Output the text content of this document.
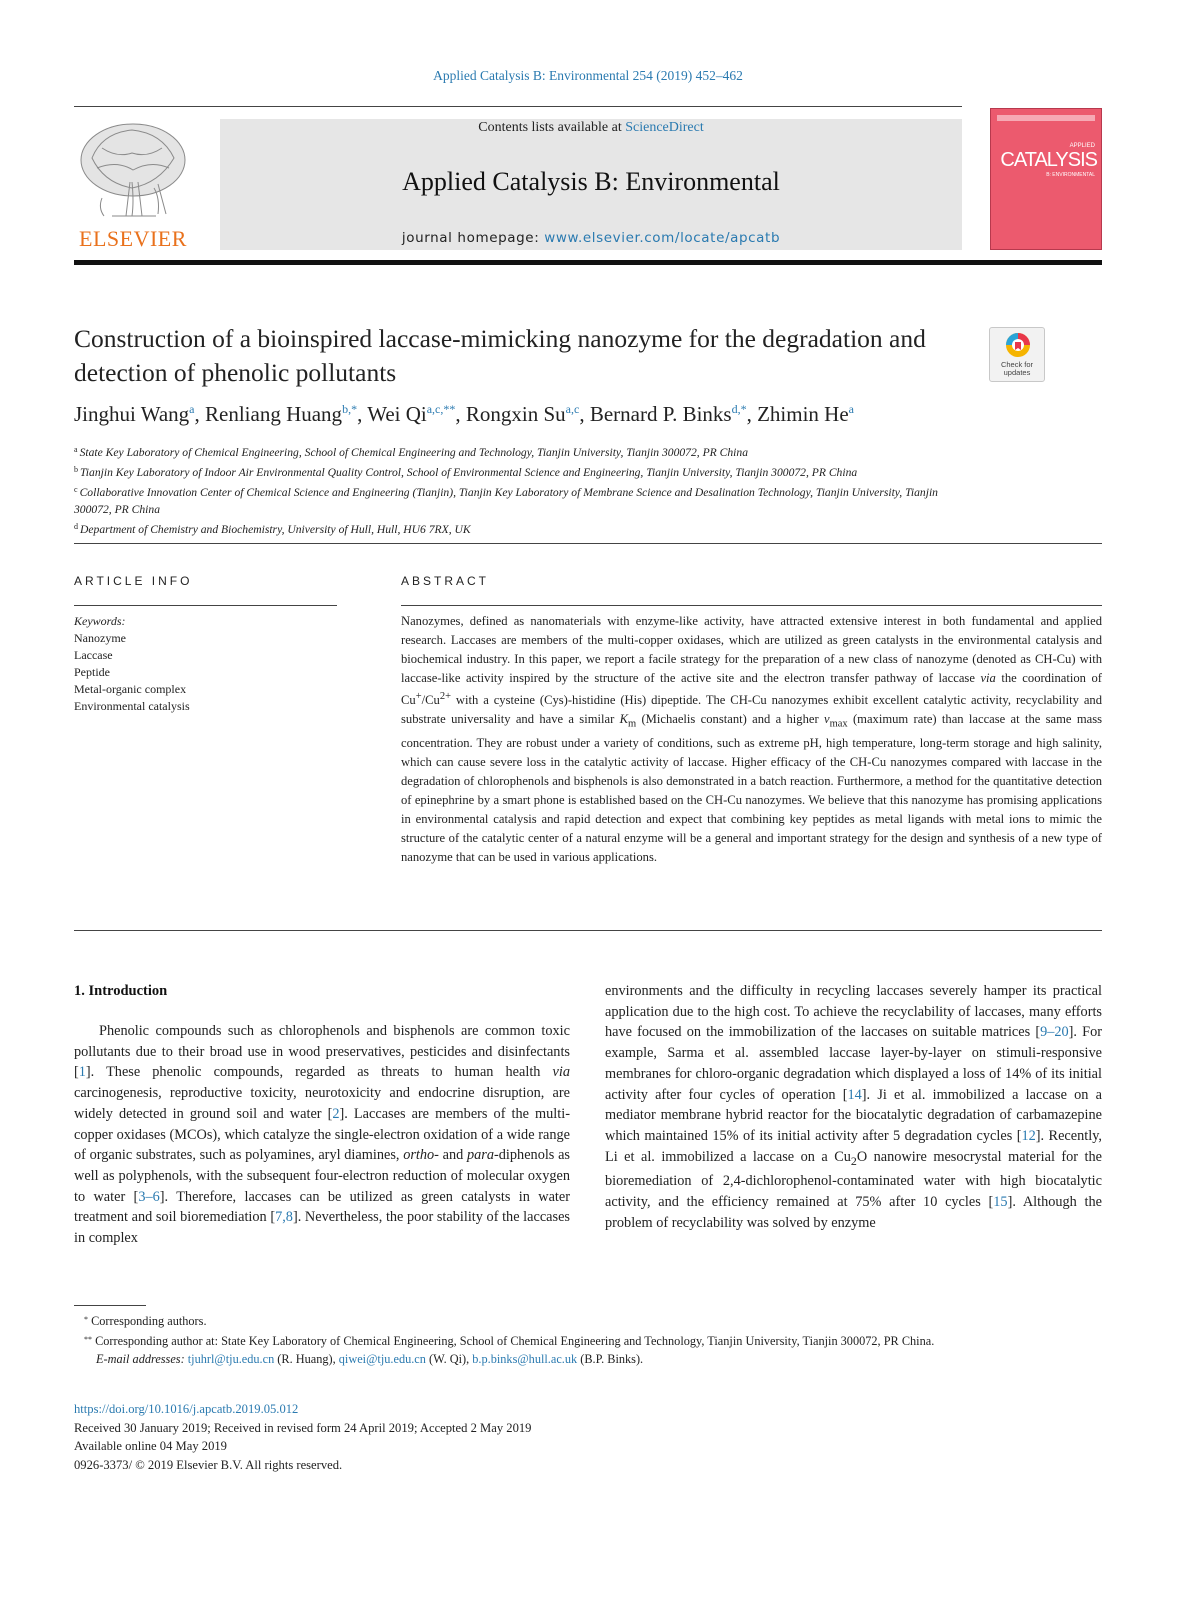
Applied Catalysis B: Environmental 254 (2019) 452–462
ELSEVIER
Contents lists available at ScienceDirect
Applied Catalysis B: Environmental
journal homepage: www.elsevier.com/locate/apcatb
APPLIED
CATALYSIS
B: ENVIRONMENTAL
Construction of a bioinspired laccase-mimicking nanozyme for the degradation and detection of phenolic pollutants	Check for
updates
Jinghui Wang$^a$, Renliang Huang$^{b,*}$, Wei $Qi^{a,c,**}$, Rongxin Su$^{a,c}$, Bernard P. Binks$^{d,*}$, Zhimin He$^a$
$^a$ State Key Laboratory of Chemical Engineering, School of Chemical Engineering and Technology, Tianjin University, Tianjin 300072, PR China
$^b$ Tianjin Key Laboratory of Indoor Air Environmental Quality Control, School of Environmental Science and Engineering, Tianjin University, Tianjin 300072, PR China
$^c$ Collaborative Innovation Center of Chemical Science and Engineering (Tianjin), Tianjin Key Laboratory of Membrane Science and Desalination Technology, Tianjin University, Tianjin 300072, PR China
$^d$ Department of Chemistry and Biochemistry, University of Hull, Hull, HU6 7RX, UK
ARTICLE INFO	ABSTRACT
Keywords:
Nanozyme
Laccase
Peptide
Metal-organic complex
Environmental catalysis
Nanozymes, defined as nanomaterials with enzyme-like activity, have attracted extensive interest in both fundamental and applied research. Laccases are members of the multi-copper oxidases, which are utilized as green catalysts in the environmental catalysis and biochemical industry. In this paper, we report a facile strategy for the preparation of a new class of nanozyme (denoted as CH-Cu) with laccase-like activity inspired by the structure of the active site and the electron transfer pathway of laccase via the coordination of $Cu^+/Cu^{2+}$ with a cysteine (Cys)-histidine (His) dipeptide. The CH-Cu nanozymes exhibit excellent catalytic activity, recyclability and substrate universality and have a similar $K_m$ (Michaelis constant) and a higher $v_{max}$ (maximum rate) than laccase at the same mass concentration. They are robust under a variety of conditions, such as extreme pH, high temperature, long-term storage and high salinity, which can cause severe loss in the catalytic activity of laccase. Higher efficacy of the CH-Cu nanozymes compared with laccase in the degradation of chlorophenols and bisphenols is also demonstrated in a batch reaction. Furthermore, a method for the quantitative detection of epinephrine by a smart phone is established based on the CH-Cu nanozymes. We believe that this nanozyme has promising applications in environmental catalysis and rapid detection and expect that combining key peptides as metal ligands with metal ions to mimic the structure of the catalytic center of a natural enzyme will be a general and important strategy for the design and synthesis of a new type of nanozyme that can be used in various applications.
1. Introduction
Phenolic compounds such as chlorophenols and bisphenols are common toxic pollutants due to their broad use in wood preservatives, pesticides and disinfectants [1]. These phenolic compounds, regarded as threats to human health via carcinogenesis, reproductive toxicity, neurotoxicity and endocrine disruption, are widely detected in ground soil and water [2]. Laccases are members of the multi-copper oxidases (MCOs), which catalyze the single-electron oxidation of a wide range of organic substrates, such as polyamines, aryl diamines, ortho- and para-diphenols as well as polyphenols, with the subsequent four-electron reduction of molecular oxygen to water [3–6]. Therefore, laccases can be utilized as green catalysts in water treatment and soil bioremediation [7,8]. Nevertheless, the poor stability of the laccases in complex
environments and the difficulty in recycling laccases severely hamper its practical application due to the high cost. To achieve the recyclability of laccases, many efforts have focused on the immobilization of the laccases on suitable matrices [9–20]. For example, Sarma et al. assembled laccase layer-by-layer on stimuli-responsive membranes for chloro-organic degradation which displayed a loss of 14% of its initial activity after four cycles of operation [14]. Ji et al. immobilized a laccase on a mediator membrane hybrid reactor for the biocatalytic degradation of carbamazepine which maintained 15% of its initial activity after 5 degradation cycles [12]. Recently, Li et al. immobilized a laccase on a $Cu_2O$ nanowire mesocrystal material for the bioremediation of 2,4-dichlorophenol-contaminated water with high biocatalytic activity, and the efficiency remained at 75% after 10 cycles [15]. Although the problem of recyclability was solved by enzyme
* Corresponding authors.
** Corresponding author at: State Key Laboratory of Chemical Engineering, School of Chemical Engineering and Technology, Tianjin University, Tianjin 300072, PR China.
E-mail addresses: tjuhrl@tju.edu.cn (R. Huang), qiwei@tju.edu.cn (W. Qi), b.p.binks@hull.ac.uk (B.P. Binks).
https://doi.org/10.1016/j.apcatb.2019.05.012
Received 30 January 2019; Received in revised form 24 April 2019; Accepted 2 May 2019
Available online 04 May 2019
0926-3373/ © 2019 Elsevier B.V. All rights reserved.
